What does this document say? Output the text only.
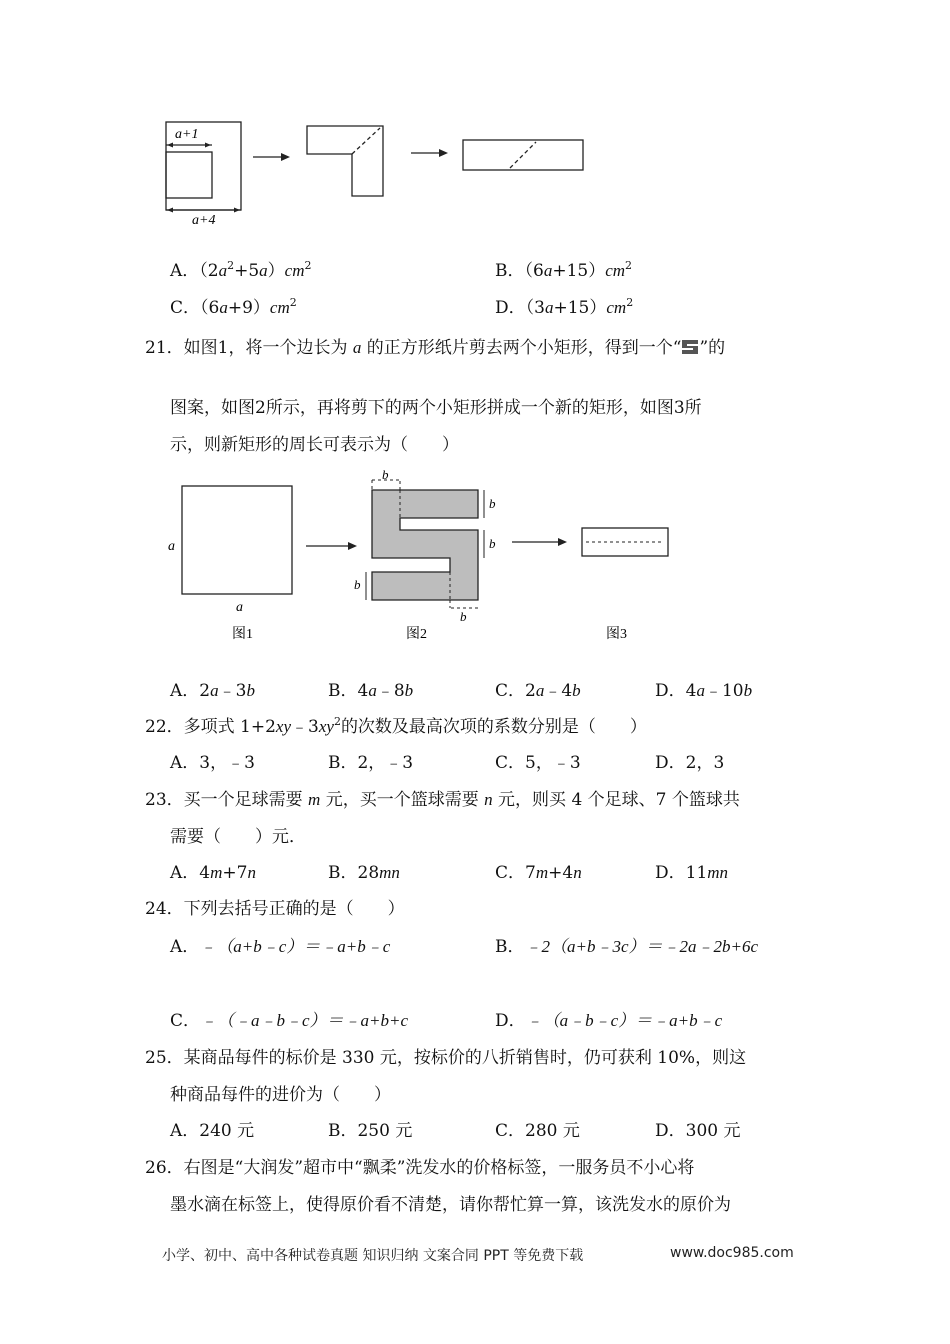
a+1
a+4
A．$(2a^2+5a)cm^2$	B．$(6a+15)cm^2$
C．$(6a+9)cm^2$	D．$(3a+15)cm^2$
21．如图1，将一个边长为 a 的正方形纸片剪去两个小矩形，得到一个“ ”的
图案，如图2所示，再将剪下的两个小矩形拼成一个新的矩形，如图3所
示，则新矩形的周长可表示为（　　）
a
a
图1
b
b
b
b
b
图2	图3
A．2a﹣3b	B．4a﹣8b	C．2a﹣4b	D．4a﹣10b
22．多项式 $1+2xy﹣3xy^2$的次数及最高次项的系数分别是（　　）
A．3，﹣3	B．2，﹣3	C．5，﹣3	D．2，3
23．买一个足球需要 m 元，买一个篮球需要 n 元，则买 4 个足球、7 个篮球共
需要（　　）元．
A．4m+7n	B．28mn	C．7m+4n	D．11mn
24．下列去括号正确的是（　　）
A．﹣（a+b﹣c）＝﹣a+b﹣c	B．﹣2（a+b﹣3c）＝﹣2a﹣2b+6c
C．﹣（﹣a﹣b﹣c）＝﹣a+b+c	D．﹣（a﹣b﹣c）＝﹣a+b﹣c
25．某商品每件的标价是 330 元，按标价的八折销售时，仍可获利 10%，则这
种商品每件的进价为（　　）
A．240 元	B．250 元	C．280 元	D．300 元
26．右图是“大润发”超市中“飘柔”洗发水的价格标签，一服务员不小心将
墨水滴在标签上，使得原价看不清楚，请你帮忙算一算，该洗发水的原价为
小学、初中、高中各种试卷真题 知识归纳 文案合同 PPT 等免费下载	www.doc985.com
